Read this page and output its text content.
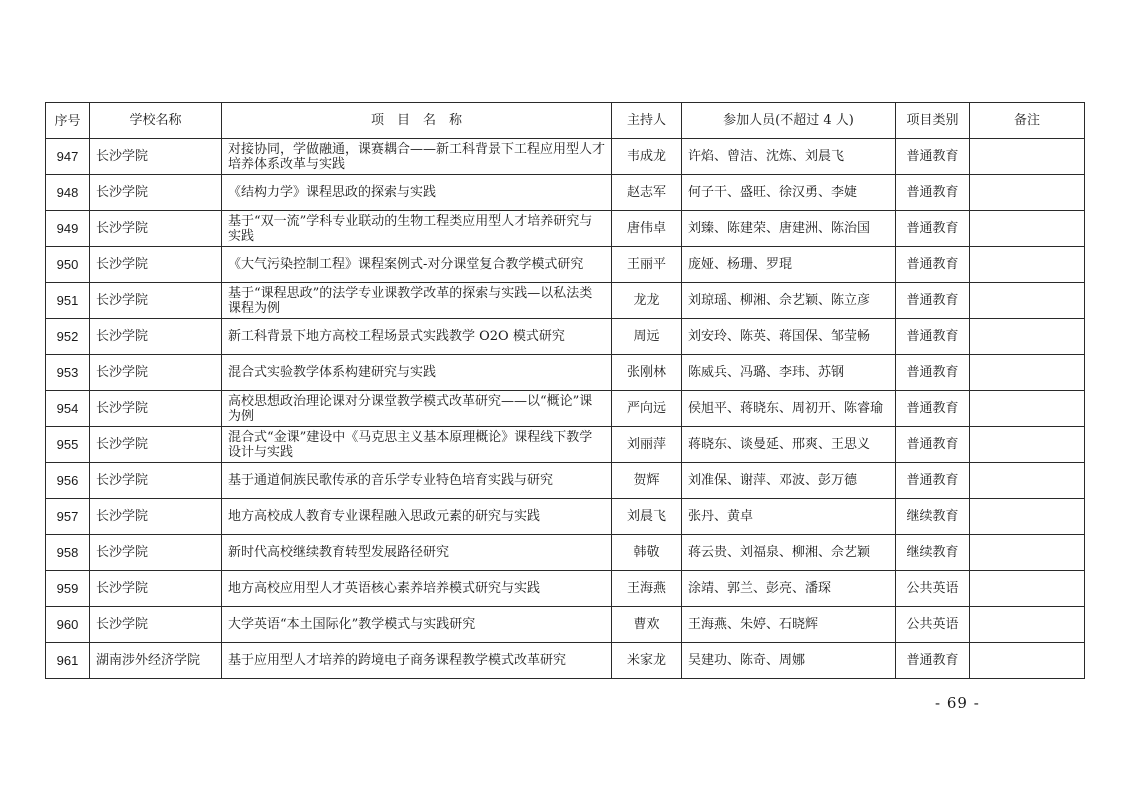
序号	学校名称	项　目　名　称	主持人	参加人员(不超过 4 人)	项目类别	备注
947	长沙学院	对接协同，学做融通，课赛耦合——新工科背景下工程应用型人才培养体系改革与实践	韦成龙	许焰、曾洁、沈炼、刘晨飞	普通教育	
948	长沙学院	《结构力学》课程思政的探索与实践	赵志军	何子干、盛旺、徐汉勇、李婕	普通教育	
949	长沙学院	基于“双一流”学科专业联动的生物工程类应用型人才培养研究与实践	唐伟卓	刘臻、陈建荣、唐建洲、陈治国	普通教育	
950	长沙学院	《大气污染控制工程》课程案例式-对分课堂复合教学模式研究	王丽平	庞娅、杨珊、罗琨	普通教育	
951	长沙学院	基于“课程思政”的法学专业课教学改革的探索与实践—以私法类课程为例	龙龙	刘琼瑶、柳湘、佘艺颖、陈立彦	普通教育	
952	长沙学院	新工科背景下地方高校工程场景式实践教学 O2O 模式研究	周远	刘安玲、陈英、蒋国保、邹莹畅	普通教育	
953	长沙学院	混合式实验教学体系构建研究与实践	张刚林	陈威兵、冯璐、李玮、苏钢	普通教育	
954	长沙学院	高校思想政治理论课对分课堂教学模式改革研究——以“概论”课为例	严向远	侯旭平、蒋晓东、周初开、陈睿瑜	普通教育	
955	长沙学院	混合式“金课”建设中《马克思主义基本原理概论》课程线下教学设计与实践	刘丽萍	蒋晓东、谈曼延、邢爽、王思义	普通教育	
956	长沙学院	基于通道侗族民歌传承的音乐学专业特色培育实践与研究	贺辉	刘准保、谢萍、邓波、彭万德	普通教育	
957	长沙学院	地方高校成人教育专业课程融入思政元素的研究与实践	刘晨飞	张丹、黄卓	继续教育	
958	长沙学院	新时代高校继续教育转型发展路径研究	韩敬	蒋云贵、刘福泉、柳湘、佘艺颖	继续教育	
959	长沙学院	地方高校应用型人才英语核心素养培养模式研究与实践	王海燕	涂靖、郭兰、彭亮、潘琛	公共英语	
960	长沙学院	大学英语“本土国际化”教学模式与实践研究	曹欢	王海燕、朱婷、石晓辉	公共英语	
961	湖南涉外经济学院	基于应用型人才培养的跨境电子商务课程教学模式改革研究	米家龙	吴建功、陈奇、周娜	普通教育	
- 69 -
